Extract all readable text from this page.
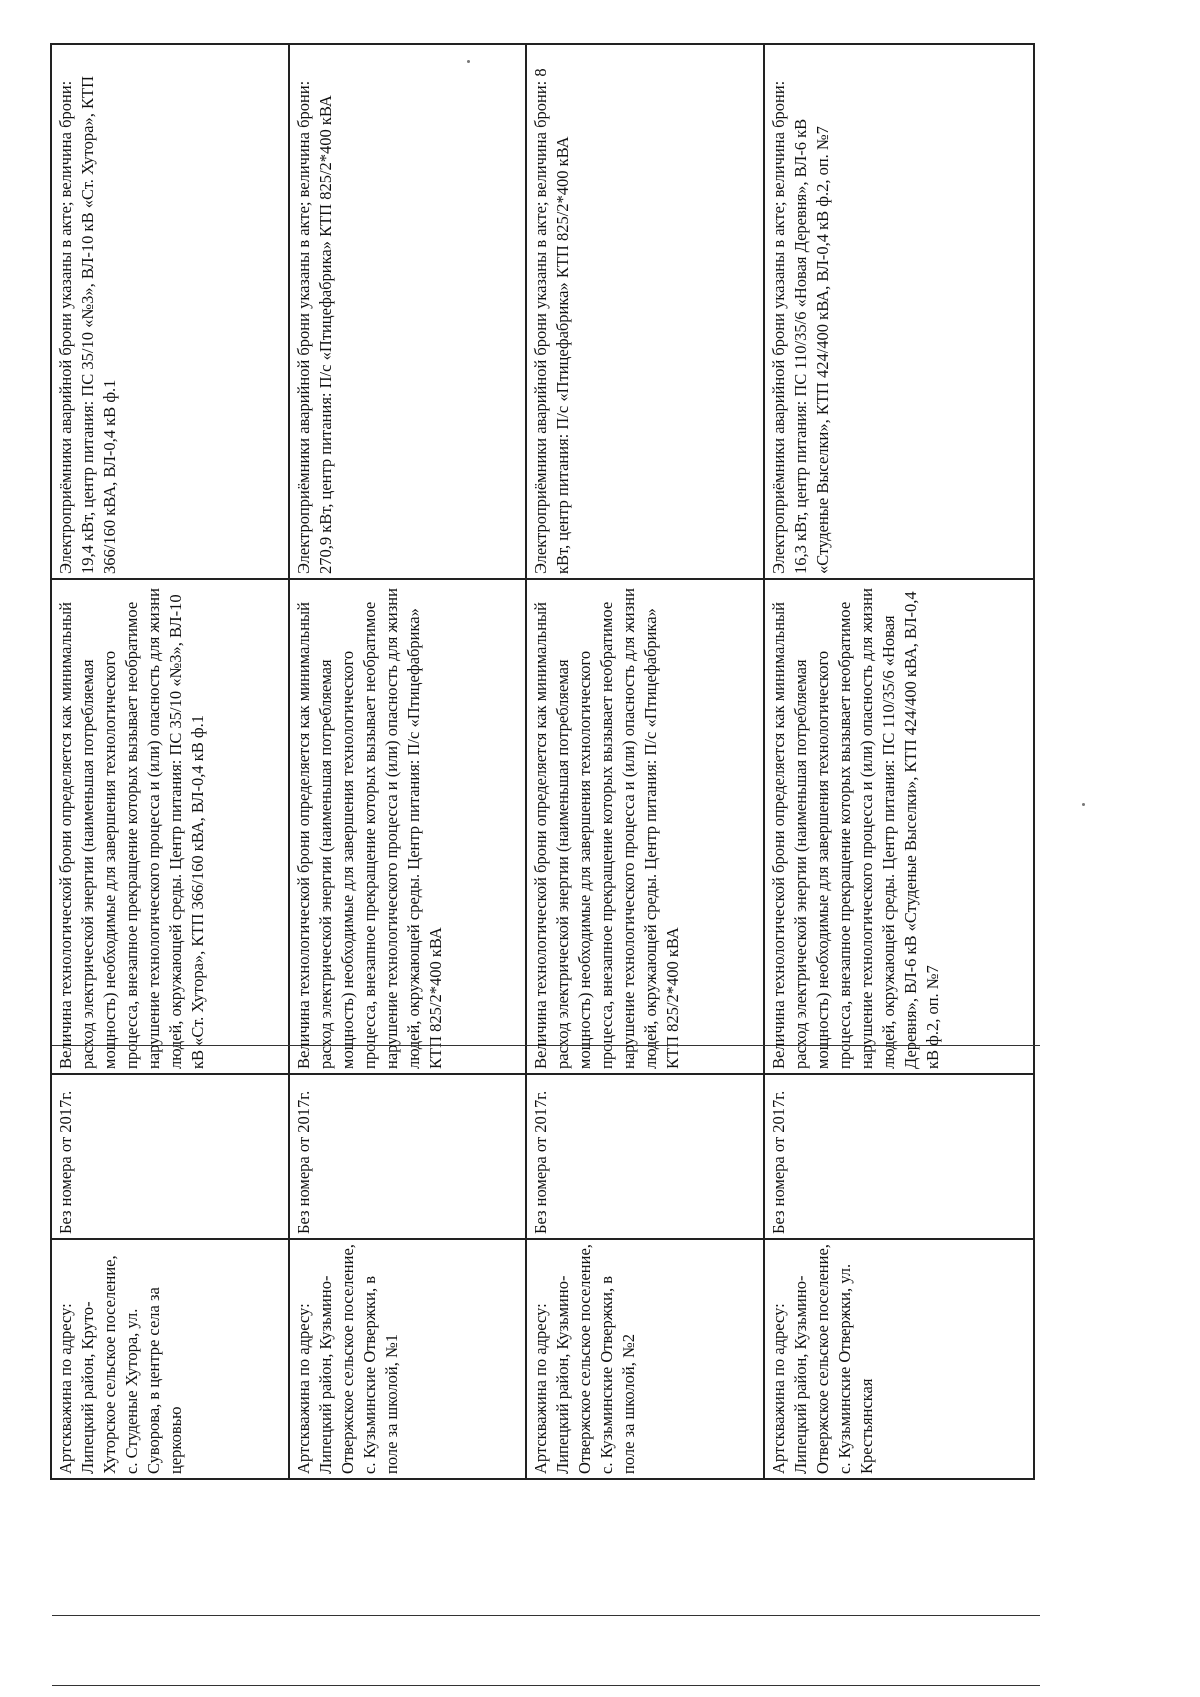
Артскважина по адресу: Липецкий район, Круто-Хуторское сельское поселение, с. Студеные Хутора, ул. Суворова, в центре села за церковью	Без номера от 2017г.	Величина технологической брони определяется как минимальный расход электрической энергии (наименьшая потребляемая мощность) необходимые для завершения технологического процесса, внезапное прекращение которых вызывает необратимое нарушение технологического процесса и (или) опасность для жизни людей, окружающей среды. Центр питания: ПС 35/10 «№3», ВЛ-10 кВ «Ст. Хутора», КТП 366/160 кВА, ВЛ-0,4 кВ ф.1	Электроприёмники аварийной брони указаны в акте; величина брони: 19,4 кВт, центр питания: ПС 35/10 «№3», ВЛ-10 кВ «Ст. Хутора», КТП 366/160 кВА, ВЛ-0,4 кВ ф.1

Артскважина по адресу: Липецкий район, Кузьмино-Отвержское сельское поселение, с. Кузьминские Отвержки, в поле за школой, №1	Без номера от 2017г.	Величина технологической брони определяется как минимальный расход электрической энергии (наименьшая потребляемая мощность) необходимые для завершения технологического процесса, внезапное прекращение которых вызывает необратимое нарушение технологического процесса и (или) опасность для жизни людей, окружающей среды. Центр питания: П/с «Птицефабрика» КТП 825/2*400 кВА	Электроприёмники аварийной брони указаны в акте; величина брони: 270,9 кВт, центр питания: П/с «Птицефабрика» КТП 825/2*400 кВА

Артскважина по адресу: Липецкий район, Кузьмино-Отвержское сельское поселение, с. Кузьминские Отвержки, в поле за школой, №2	Без номера от 2017г.	Величина технологической брони определяется как минимальный расход электрической энергии (наименьшая потребляемая мощность) необходимые для завершения технологического процесса, внезапное прекращение которых вызывает необратимое нарушение технологического процесса и (или) опасность для жизни людей, окружающей среды. Центр питания: П/с «Птицефабрика» КТП 825/2*400 кВА	Электроприёмники аварийной брони указаны в акте; величина брони: 8 кВт, центр питания: П/с «Птицефабрика» КТП 825/2*400 кВА

Артскважина по адресу: Липецкий район, Кузьмино-Отвержское сельское поселение, с. Кузьминские Отвержки, ул. Крестьянская	Без номера от 2017г.	Величина технологической брони определяется как минимальный расход электрической энергии (наименьшая потребляемая мощность) необходимые для завершения технологического процесса, внезапное прекращение которых вызывает необратимое нарушение технологического процесса и (или) опасность для жизни людей, окружающей среды. Центр питания: ПС 110/35/6 «Новая Деревня», ВЛ-6 кВ «Студеные Выселки», КТП 424/400 кВА, ВЛ-0,4 кВ ф.2, оп. №7	Электроприёмники аварийной брони указаны в акте; величина брони: 16,3 кВт, центр питания: ПС 110/35/6 «Новая Деревня», ВЛ-6 кВ «Студеные Выселки», КТП 424/400 кВА, ВЛ-0,4 кВ ф.2, оп. №7
